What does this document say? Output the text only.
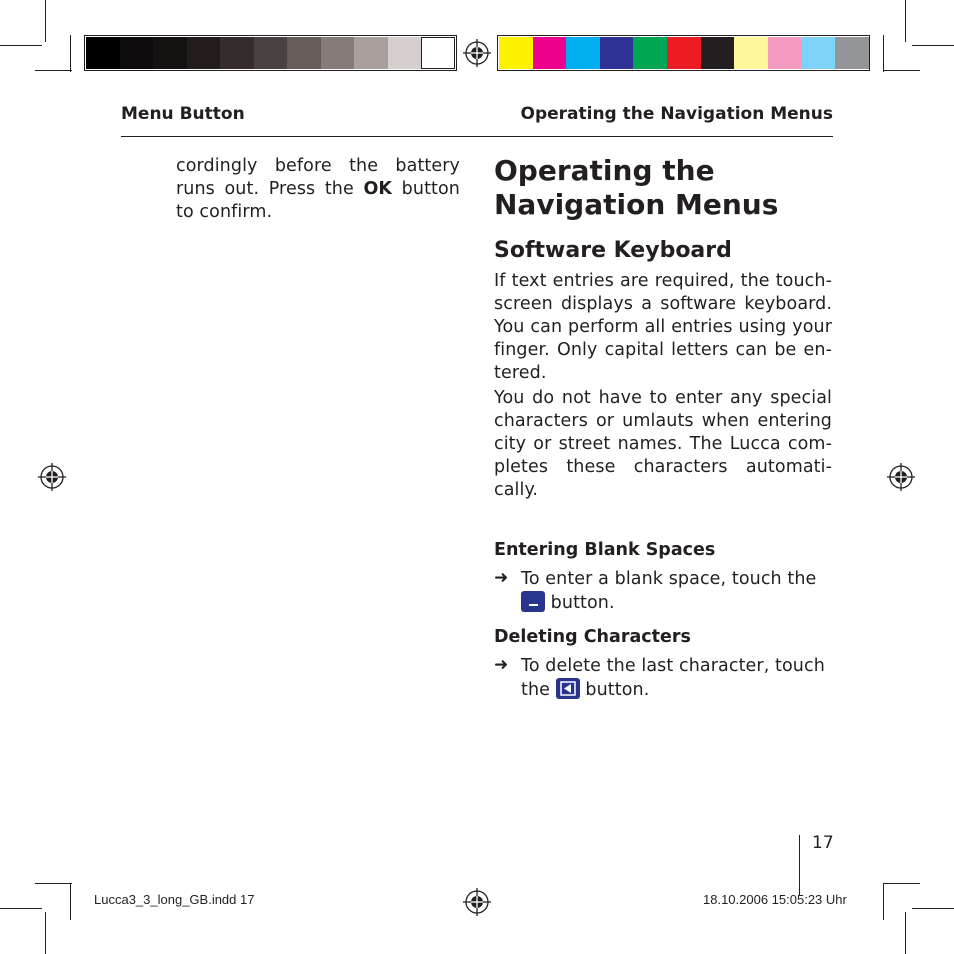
Menu Button	Operating the Navigation Menus
cordingly before the battery runs out. Press the OK button to confirm.
Operating the
Navigation Menus
Software Keyboard
If text entries are required, the touch-screen displays a software keyboard. You can perform all entries using your finger. Only capital letters can be en-tered.
You do not have to enter any special characters or umlauts when entering city or street names. The Lucca com-pletes these characters automati-cally.
Entering Blank Spaces
➜ To enter a blank space, touch the
button.
Deleting Characters
➜ To delete the last character, touch
the button.
17
Lucca3_3_long_GB.indd 17	18.10.2006 15:05:23 Uhr
